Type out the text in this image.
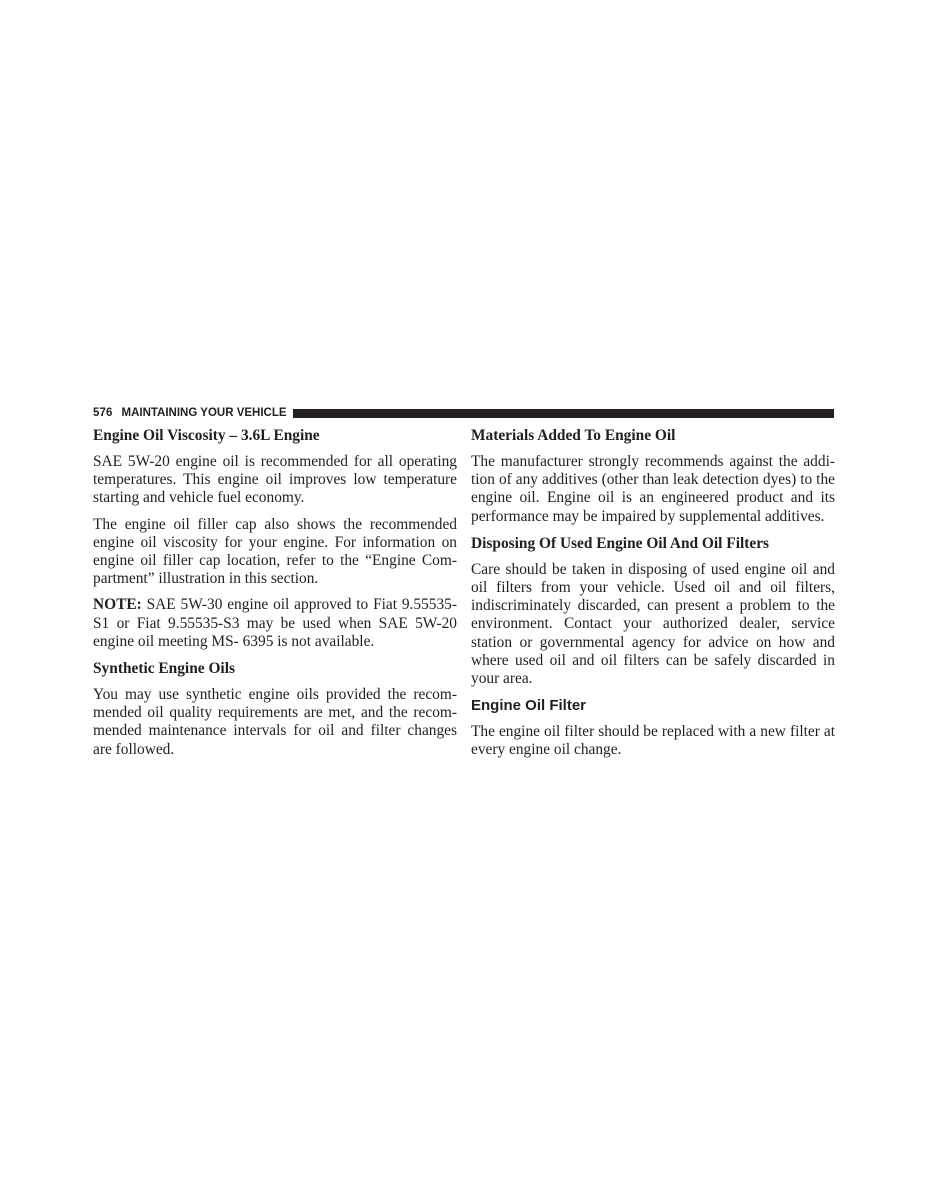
576 MAINTAINING YOUR VEHICLE
Engine Oil Viscosity – 3.6L Engine

SAE 5W-20 engine oil is recommended for all operating temperatures. This engine oil improves low temperature starting and vehicle fuel economy.

The engine oil filler cap also shows the recommended engine oil viscosity for your engine. For information on engine oil filler cap location, refer to the “Engine Compartment” illustration in this section.

NOTE: SAE 5W-30 engine oil approved to Fiat 9.55535-S1 or Fiat 9.55535-S3 may be used when SAE 5W-20 engine oil meeting MS- 6395 is not available.

Synthetic Engine Oils

You may use synthetic engine oils provided the recommended oil quality requirements are met, and the recommended maintenance intervals for oil and filter changes are followed.

Materials Added To Engine Oil

The manufacturer strongly recommends against the addition of any additives (other than leak detection dyes) to the engine oil. Engine oil is an engineered product and its performance may be impaired by supplemental additives.

Disposing Of Used Engine Oil And Oil Filters

Care should be taken in disposing of used engine oil and oil filters from your vehicle. Used oil and oil filters, indiscriminately discarded, can present a problem to the environment. Contact your authorized dealer, service station or governmental agency for advice on how and where used oil and oil filters can be safely discarded in your area.

Engine Oil Filter

The engine oil filter should be replaced with a new filter at every engine oil change.
